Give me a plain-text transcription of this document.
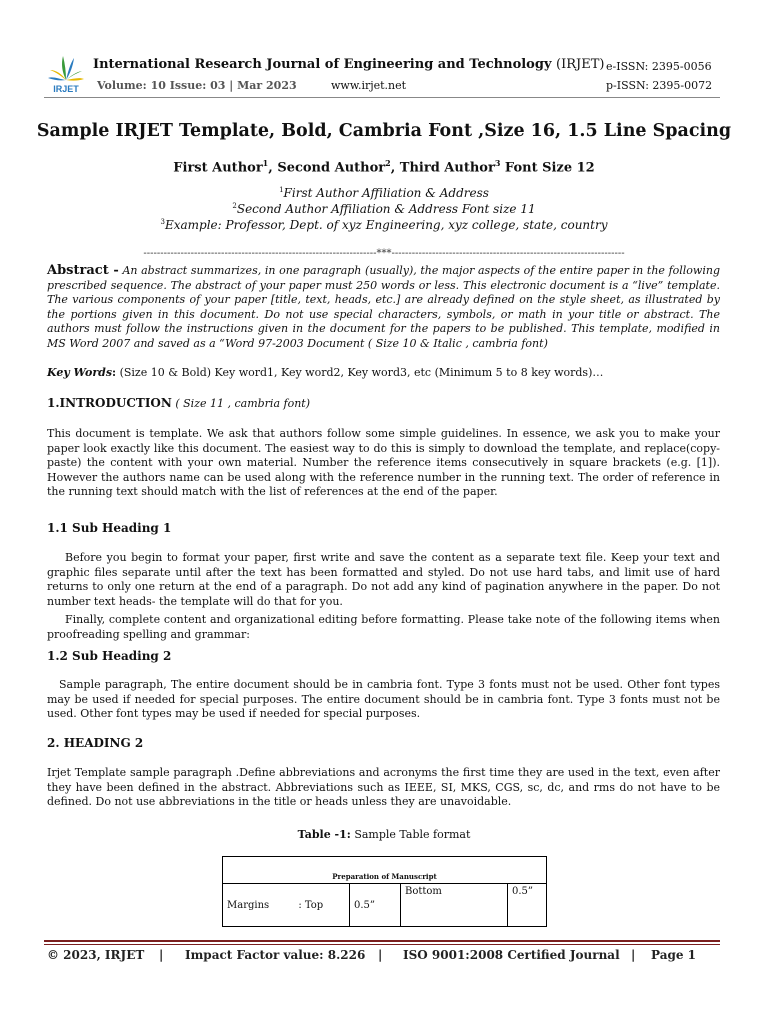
IRJET
International Research Journal of Engineering and Technology (IRJET)
Volume: 10 Issue: 03 | Mar 2023	www.irjet.net
e-ISSN: 2395-0056
p-ISSN: 2395-0072
Sample IRJET Template, Bold, Cambria Font ,Size 16, 1.5 Line Spacing
First Author$^1$, Second Author$^2$, Third Author$^3$ Font Size 12
$^1$First Author Affiliation & Address
$^2$Second Author Affiliation & Address Font size 11
$^3$Example: Professor, Dept. of xyz Engineering, xyz college, state, country
---------------------------------------------------------------------***---------------------------------------------------------------------
Abstract - An abstract summarizes, in one paragraph (usually), the major aspects of the entire paper in the following prescribed sequence. The abstract of your paper must 250 words or less. This electronic document is a “live” template. The various components of your paper [title, text, heads, etc.] are already defined on the style sheet, as illustrated by the portions given in this document. Do not use special characters, symbols, or math in your title or abstract. The authors must follow the instructions given in the document for the papers to be published. This template, modified in MS Word 2007 and saved as a “Word 97-2003 Document ( Size 10 & Italic , cambria font)
Key Words: (Size 10 & Bold) Key word1, Key word2, Key word3, etc (Minimum 5 to 8 key words)…
1.INTRODUCTION ( Size 11 , cambria font)
This document is template. We ask that authors follow some simple guidelines. In essence, we ask you to make your paper look exactly like this document. The easiest way to do this is simply to download the template, and replace(copy-paste) the content with your own material. Number the reference items consecutively in square brackets (e.g. [1]). However the authors name can be used along with the reference number in the running text. The order of reference in the running text should match with the list of references at the end of the paper.
1.1 Sub Heading 1
Before you begin to format your paper, first write and save the content as a separate text file. Keep your text and graphic files separate until after the text has been formatted and styled. Do not use hard tabs, and limit use of hard returns to only one return at the end of a paragraph. Do not add any kind of pagination anywhere in the paper. Do not number text heads- the template will do that for you.
Finally, complete content and organizational editing before formatting. Please take note of the following items when proofreading spelling and grammar:
1.2 Sub Heading 2
Sample paragraph, The entire document should be in cambria font. Type 3 fonts must not be used. Other font types may be used if needed for special purposes. The entire document should be in cambria font. Type 3 fonts must not be used. Other font types may be used if needed for special purposes.
2. HEADING 2
Irjet Template sample paragraph .Define abbreviations and acronyms the first time they are used in the text, even after they have been defined in the abstract. Abbreviations such as IEEE, SI, MKS, CGS, sc, dc, and rms do not have to be defined. Do not use abbreviations in the title or heads unless they are unavoidable.
Table -1: Sample Table format
Preparation of Manuscript
Margins	: Top	0.5”	Bottom	0.5”
© 2023, IRJET | Impact Factor value: 8.226 | ISO 9001:2008 Certified Journal | Page 1
